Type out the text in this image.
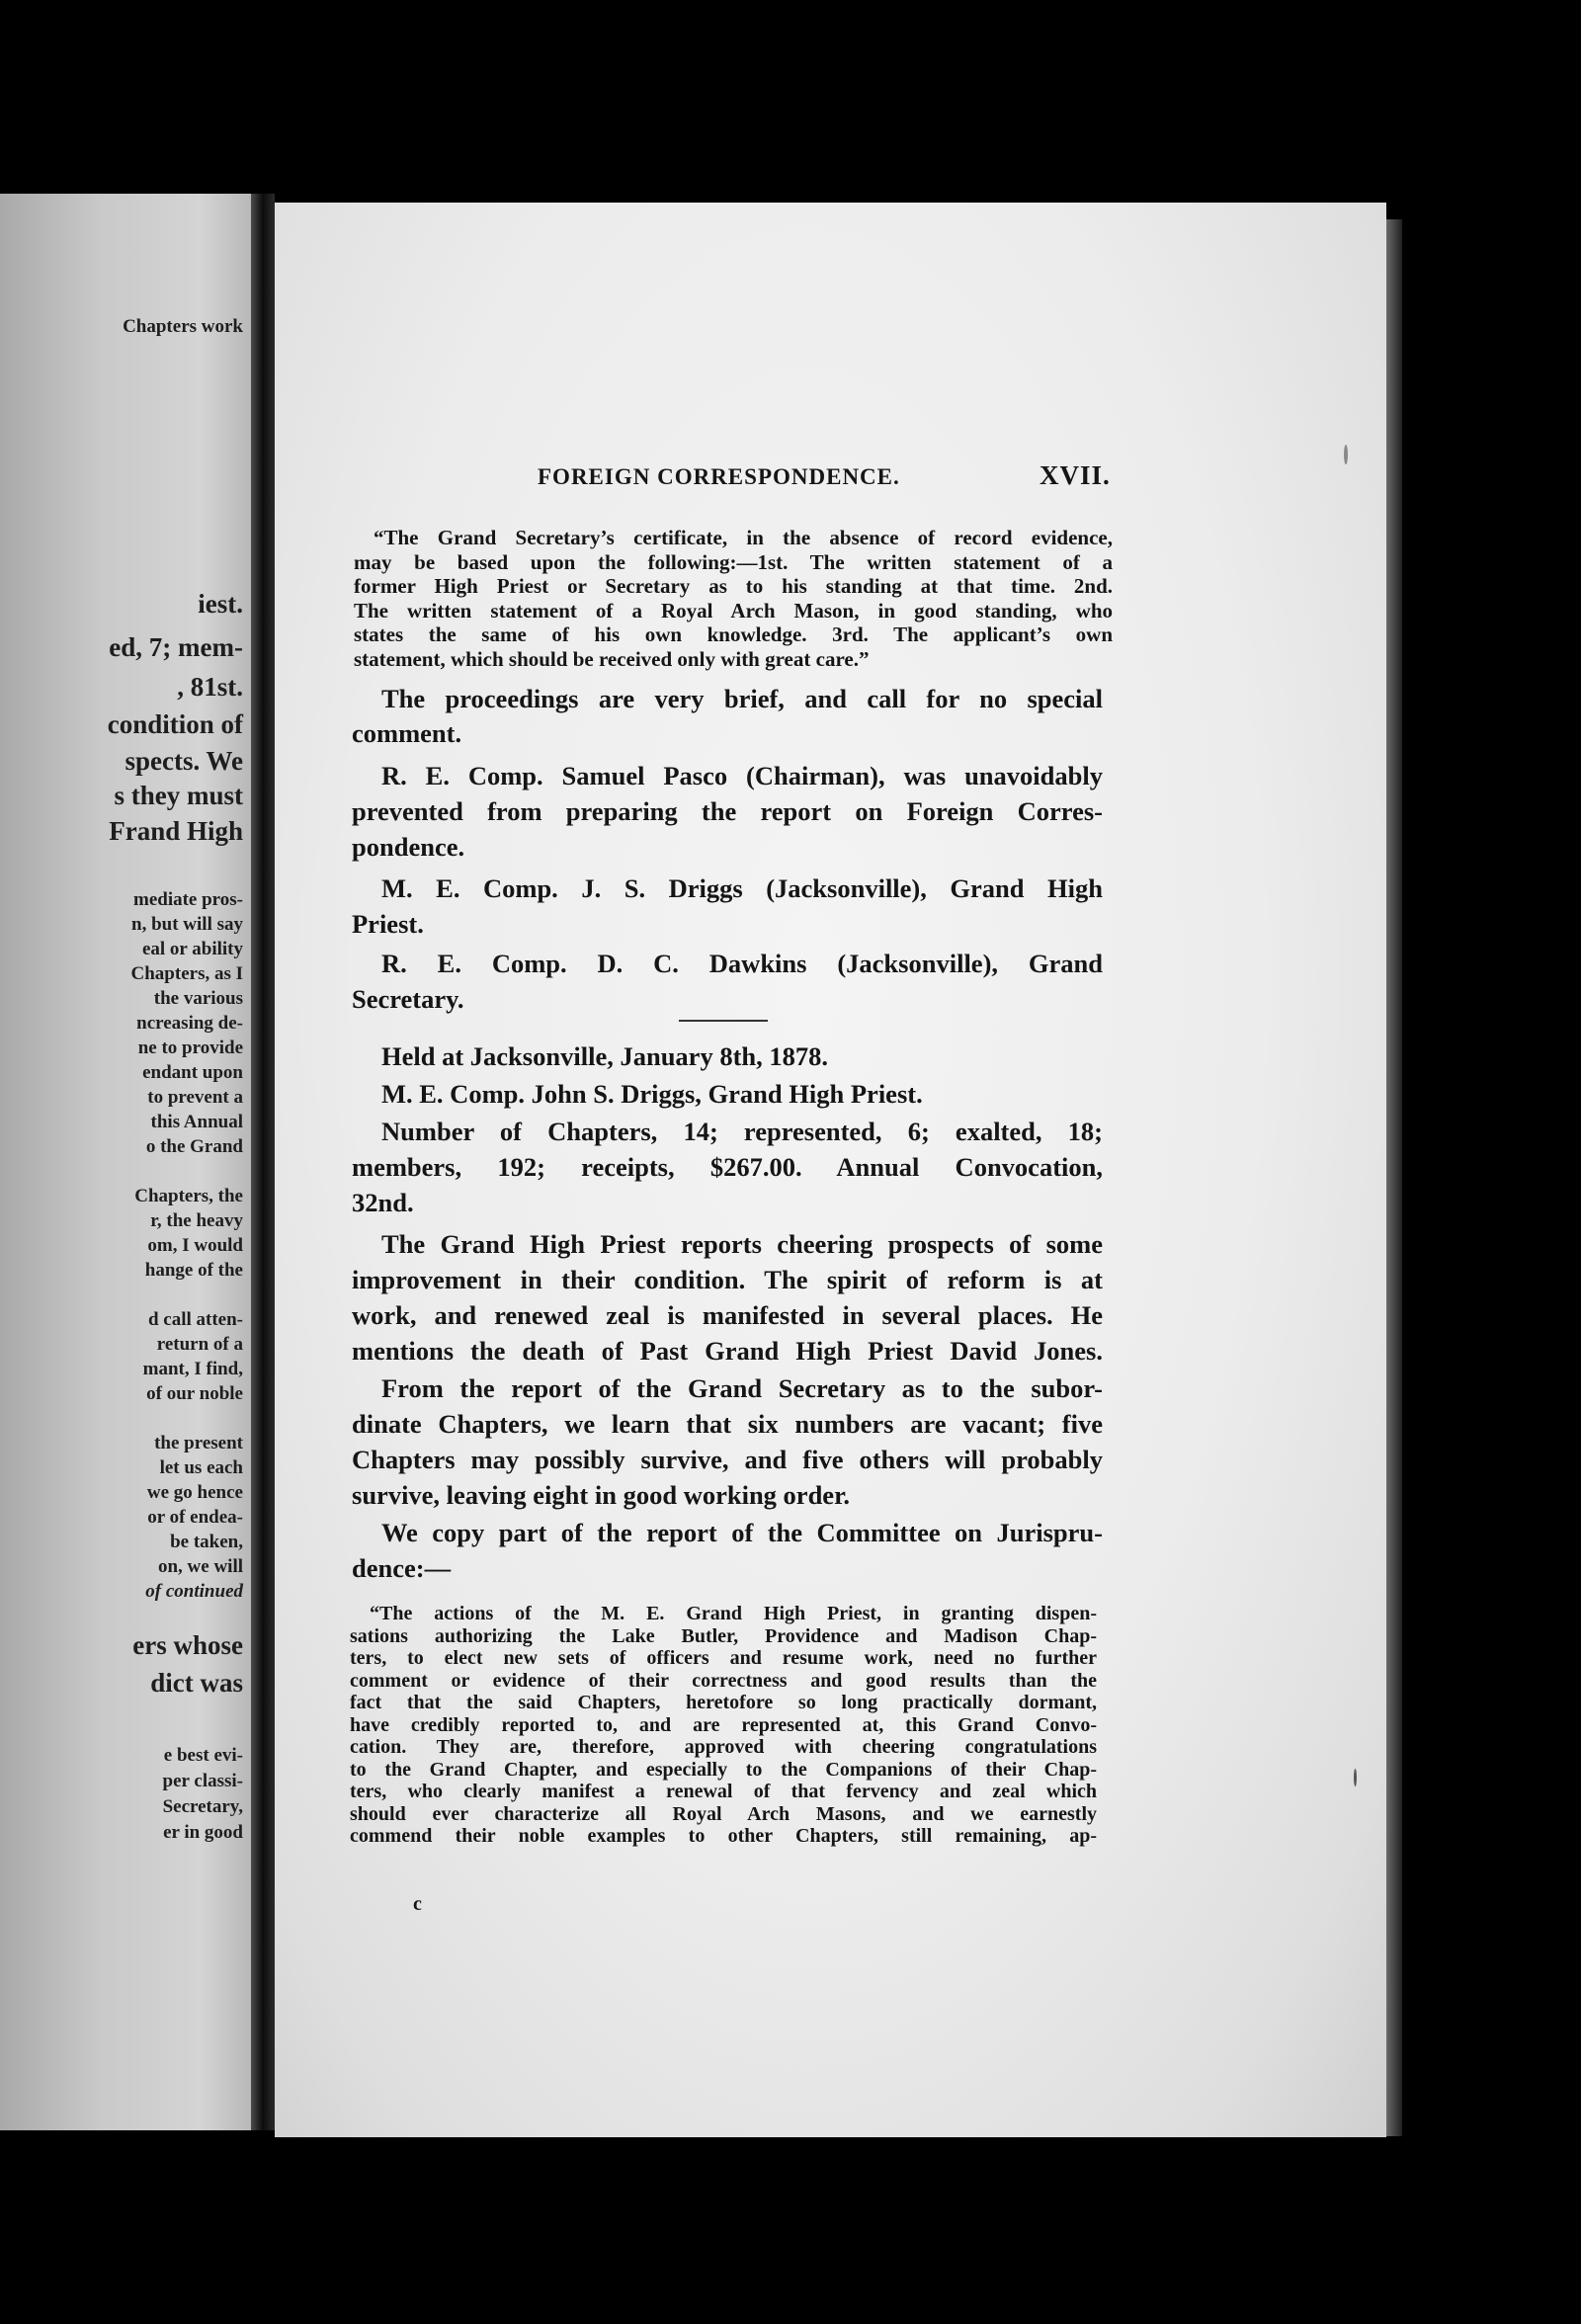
Chapters work
iest.
ed, 7; mem-
, 81st.
condition of
spects. We
s they must
Frand High
mediate pros-
n, but will say
eal or ability
Chapters, as I
the various
ncreasing de-
ne to provide
endant upon
to prevent a
this Annual
o the Grand
Chapters, the
r, the heavy
om, I would
hange of the
d call atten-
return of a
mant, I find,
of our noble
the present
let us each
we go hence
or of endea-
be taken,
on, we will
of continued
ers whose
dict was
e best evi-
per classi-
Secretary,
er in good
FOREIGN CORRESPONDENCE.	XVII.
“The Grand Secretary’s certificate, in the absence of record evidence,
may be based upon the following:—1st. The written statement of a
former High Priest or Secretary as to his standing at that time. 2nd.
The written statement of a Royal Arch Mason, in good standing, who
states the same of his own knowledge. 3rd. The applicant’s own
statement, which should be received only with great care.”
The proceedings are very brief, and call for no special
comment.
R. E. Comp. Samuel Pasco (Chairman), was unavoidably
prevented from preparing the report on Foreign Corres-
pondence.
M. E. Comp. J. S. Driggs (Jacksonville), Grand High
Priest.
R. E. Comp. D. C. Dawkins (Jacksonville), Grand
Secretary.
Held at Jacksonville, January 8th, 1878.
M. E. Comp. John S. Driggs, Grand High Priest.
Number of Chapters, 14; represented, 6; exalted, 18;
members, 192; receipts, $267.00. Annual Convocation,
32nd.
The Grand High Priest reports cheering prospects of some
improvement in their condition. The spirit of reform is at
work, and renewed zeal is manifested in several places. He
mentions the death of Past Grand High Priest David Jones.
From the report of the Grand Secretary as to the subor-
dinate Chapters, we learn that six numbers are vacant; five
Chapters may possibly survive, and five others will probably
survive, leaving eight in good working order.
We copy part of the report of the Committee on Jurispru-
dence:—
“The actions of the M. E. Grand High Priest, in granting dispen-
sations authorizing the Lake Butler, Providence and Madison Chap-
ters, to elect new sets of officers and resume work, need no further
comment or evidence of their correctness and good results than the
fact that the said Chapters, heretofore so long practically dormant,
have credibly reported to, and are represented at, this Grand Convo-
cation. They are, therefore, approved with cheering congratulations
to the Grand Chapter, and especially to the Companions of their Chap-
ters, who clearly manifest a renewal of that fervency and zeal which
should ever characterize all Royal Arch Masons, and we earnestly
commend their noble examples to other Chapters, still remaining, ap-
c
